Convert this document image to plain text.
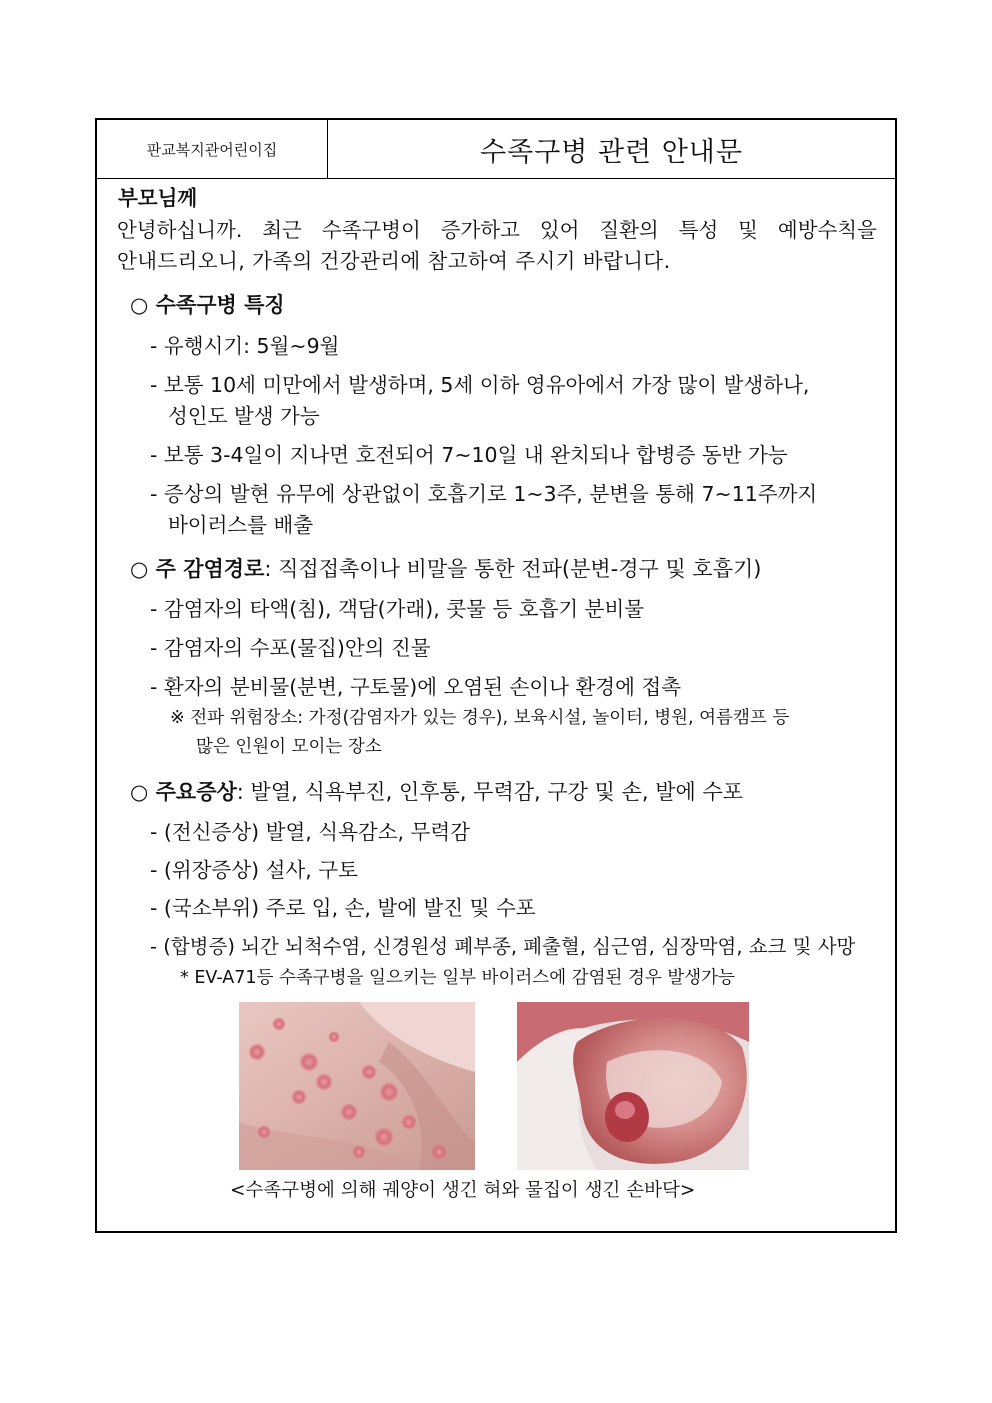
판교복지관어린이집	수족구병 관련 안내문
부모님께
안녕하십니까. 최근 수족구병이 증가하고 있어 질환의 특성 및 예방수칙을
안내드리오니, 가족의 건강관리에 참고하여 주시기 바랍니다.
○ 수족구병 특징
- 유행시기: 5월~9월
- 보통 10세 미만에서 발생하며, 5세 이하 영유아에서 가장 많이 발생하나,
성인도 발생 가능
- 보통 3-4일이 지나면 호전되어 7~10일 내 완치되나 합병증 동반 가능
- 증상의 발현 유무에 상관없이 호흡기로 1~3주, 분변을 통해 7~11주까지
바이러스를 배출
○ 주 감염경로: 직접접촉이나 비말을 통한 전파(분변-경구 및 호흡기)
- 감염자의 타액(침), 객담(가래), 콧물 등 호흡기 분비물
- 감염자의 수포(물집)안의 진물
- 환자의 분비물(분변, 구토물)에 오염된 손이나 환경에 접촉
※ 전파 위험장소: 가정(감염자가 있는 경우), 보육시설, 놀이터, 병원, 여름캠프 등
많은 인원이 모이는 장소
○ 주요증상: 발열, 식욕부진, 인후통, 무력감, 구강 및 손, 발에 수포
- (전신증상) 발열, 식욕감소, 무력감
- (위장증상) 설사, 구토
- (국소부위) 주로 입, 손, 발에 발진 및 수포
- (합병증) 뇌간 뇌척수염, 신경원성 폐부종, 폐출혈, 심근염, 심장막염, 쇼크 및 사망
* EV-A71등 수족구병을 일으키는 일부 바이러스에 감염된 경우 발생가능
<수족구병에 의해 궤양이 생긴 혀와 물집이 생긴 손바닥>
